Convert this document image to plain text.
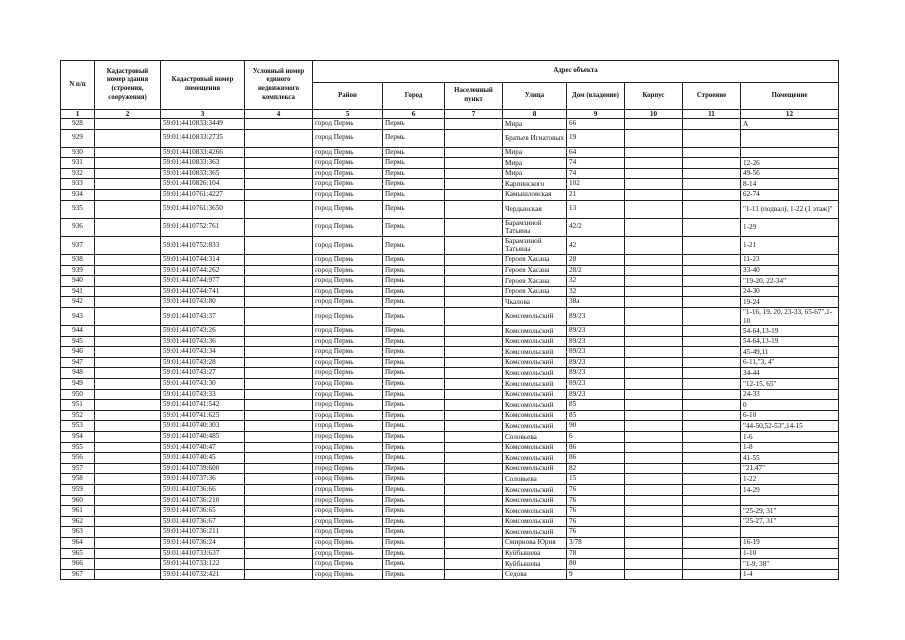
N п/п	Кадастровый номер здания (строения, сооружения)	Кадастровый номер помещения	Условный номер единого недвижимого комплекса	Адрес объекта							
				Район	Город	Населенный пункт	Улица	Дом (владение)	Корпус	Строение	Помещение
1	2	3	4	5	6	7	8	9	10	11	12
928		59:01:4410833:3449		город Пермь	Пермь		Мира	66			А
929		59:01:4410833:2735		город Пермь	Пермь		Братьев Игнатовых	19			
930		59:01:4410833:4266		город Пермь	Пермь		Мира	64			
931		59:01:4410833:363		город Пермь	Пермь		Мира	74			12-26
932		59:01:4410833:365		город Пермь	Пермь		Мира	74			49-56
933		59:01:4410826:104		город Пермь	Пермь		Карпинского	102			8-14
934		59:01:4410761:4227		город Пермь	Пермь		Камышловская	21			62-74
935		59:01:4410761:3650		город Пермь	Пермь		Чердынская	13			"1-11 (подвал), 1-22 (1 этаж)"
936		59:01:4410752:761		город Пермь	Пермь		Барамзиной Татьяны	42/2			1-29
937		59:01:4410752:833		город Пермь	Пермь		Барамзиной Татьяны	42			1-21
938		59:01:4410744:314		город Пермь	Пермь		Героев Хасана	28			11-23
939		59:01:4410744:262		город Пермь	Пермь		Героев Хасана	28/2			33-40
940		59:01:4410744:977		город Пермь	Пермь		Героев Хасана	32			"19-20, 22-34"
941		59:01:4410744:741		город Пермь	Пермь		Героев Хасана	32			24-30
942		59:01:4410743:80		город Пермь	Пермь		Чкалова	38а			19-24
943		59:01:4410743:37		город Пермь	Пермь		Комсомольский	89/23			"1-16, 19, 20, 23-33, 65-67",1-10
944		59:01:4410743:26		город Пермь	Пермь		Комсомольский	89/23			54-64,13-19
945		59:01:4410743:36		город Пермь	Пермь		Комсомольский	89/23			54-64,13-19
946		59:01:4410743:34		город Пермь	Пермь		Комсомольский	89/23			45-49,11
947		59:01:4410743:28		город Пермь	Пермь		Комсомольский	89/23			6-11,"3, 4"
948		59:01:4410743:27		город Пермь	Пермь		Комсомольский	89/23			34-44
949		59:01:4410743:30		город Пермь	Пермь		Комсомольский	89/23			"12-15, 65"
950		59:01:4410743:33		город Пермь	Пермь		Комсомольский	89/23			24-33
951		59:01:4410741:542		город Пермь	Пермь		Комсомольский	85			0
952		59:01:4410741:625		город Пермь	Пермь		Комсомольский	85			6-10
953		59:01:4410740:303		город Пермь	Пермь		Комсомольский	90			"44-50,52-53",14-15
954		59:01:4410740:485		город Пермь	Пермь		Соловьева	6			1-6
955		59:01:4410740:47		город Пермь	Пермь		Комсомольский	86			1-8
956		59:01:4410740:45		город Пермь	Пермь		Комсомольский	86			41-55
957		59:01:4410739:600		город Пермь	Пермь		Комсомольский	82			"21,47"
958		59:01:4410737:36		город Пермь	Пермь		Соловьева	15			1-22
959		59:01:4410736:66		город Пермь	Пермь		Комсомольский	76			14-29
960		59:01:4410736:210		город Пермь	Пермь		Комсомольский	76			
961		59:01:4410736:65		город Пермь	Пермь		Комсомольский	76			"25-29, 31"
962		59:01:4410736:67		город Пермь	Пермь		Комсомольский	76			"25-27, 31"
963		59:01:4410736:211		город Пермь	Пермь		Комсомольский	76			
964		59:01:4410736:24		город Пермь	Пермь		Смирнова Юрия	3/78			16-19
965		59:01:4410733:637		город Пермь	Пермь		Куйбышева	78			1-10
966		59:01:4410733:122		город Пермь	Пермь		Куйбышева	80			"1-9, 38"
967		59:01:4410732:421		город Пермь	Пермь		Седова	9			1-4
